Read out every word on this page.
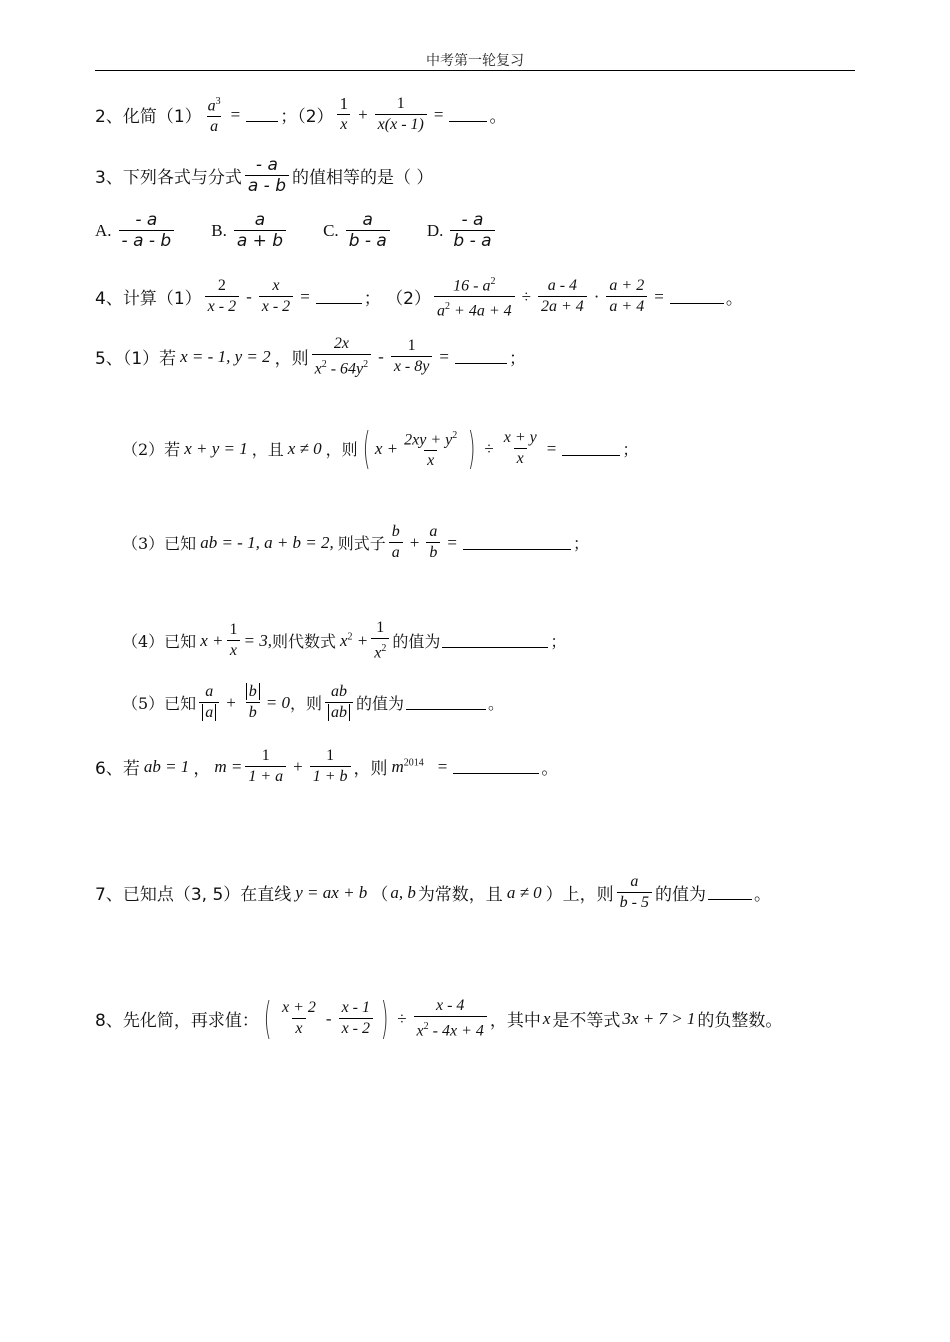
中考第一轮复习
2、化简$(1) \frac{a^3}{a}$ = ；$(2) \frac{1}{x} + \frac{1}{x(x - 1)}$ =	。
3、下列各式与分式 $\frac{- a}{a - b}$ 的值相等的是（ ）
A. $\frac{- a}{- a - b} B$. $\frac{a}{a + b} C$. $\frac{a}{b - a} D$. $\frac{- a}{b - a}$
4、计算$(1) \frac{2}{x - 2} - \frac{x}{x - 2}$ =	； $(2) \frac{16 - a^2}{a^2 + 4a + 4} \div \frac{a - 4}{2a + 4} \cdot \frac{a + 2}{a + 4}$ =	。
5、（1）若 x = - 1, y = 2 ，则 $\frac{2x}{x^2 - 64y^2} - \frac{1}{x - 8y}$ =	；
（2）若 x + y = 1 ，且 x ≠ 0 ，则 ( $x + \frac{2xy + y^2}{x}$ ) ÷ $\frac{x + y}{x}$ =	；
（3）已知 ab = - 1, a + b = 2, 则式子 $\frac{b}{a} + \frac{a}{b}$ =	；
（4）已知 $x + \frac{1}{x} = 3$, 则代数式 $x^2 + \frac{1}{x^2}$ 的值为	；
（5）已知 $\frac{a}{a} + \frac{b}{b} = 0$ ，则 $\frac{ab}{ab}$ 的值为	。
6、若 ab = 1 ， $m = \frac{1}{1 + a} + \frac{1}{1 + b}$ ，则 $m^{2014}$ =	。
7、已知点（3, 5）在直线 y = ax + b （ a, b 为常数，且 a ≠ 0 ）上，则 $\frac{a}{b - 5}$ 的值为	。
8、先化简，再求值： ( $\frac{x + 2}{x} - \frac{x - 1}{x - 2}$ ) ÷ $\frac{x - 4}{x^2 - 4x + 4}$ ，其中 x 是不等式 3x + 7 > 1 的负整数。
